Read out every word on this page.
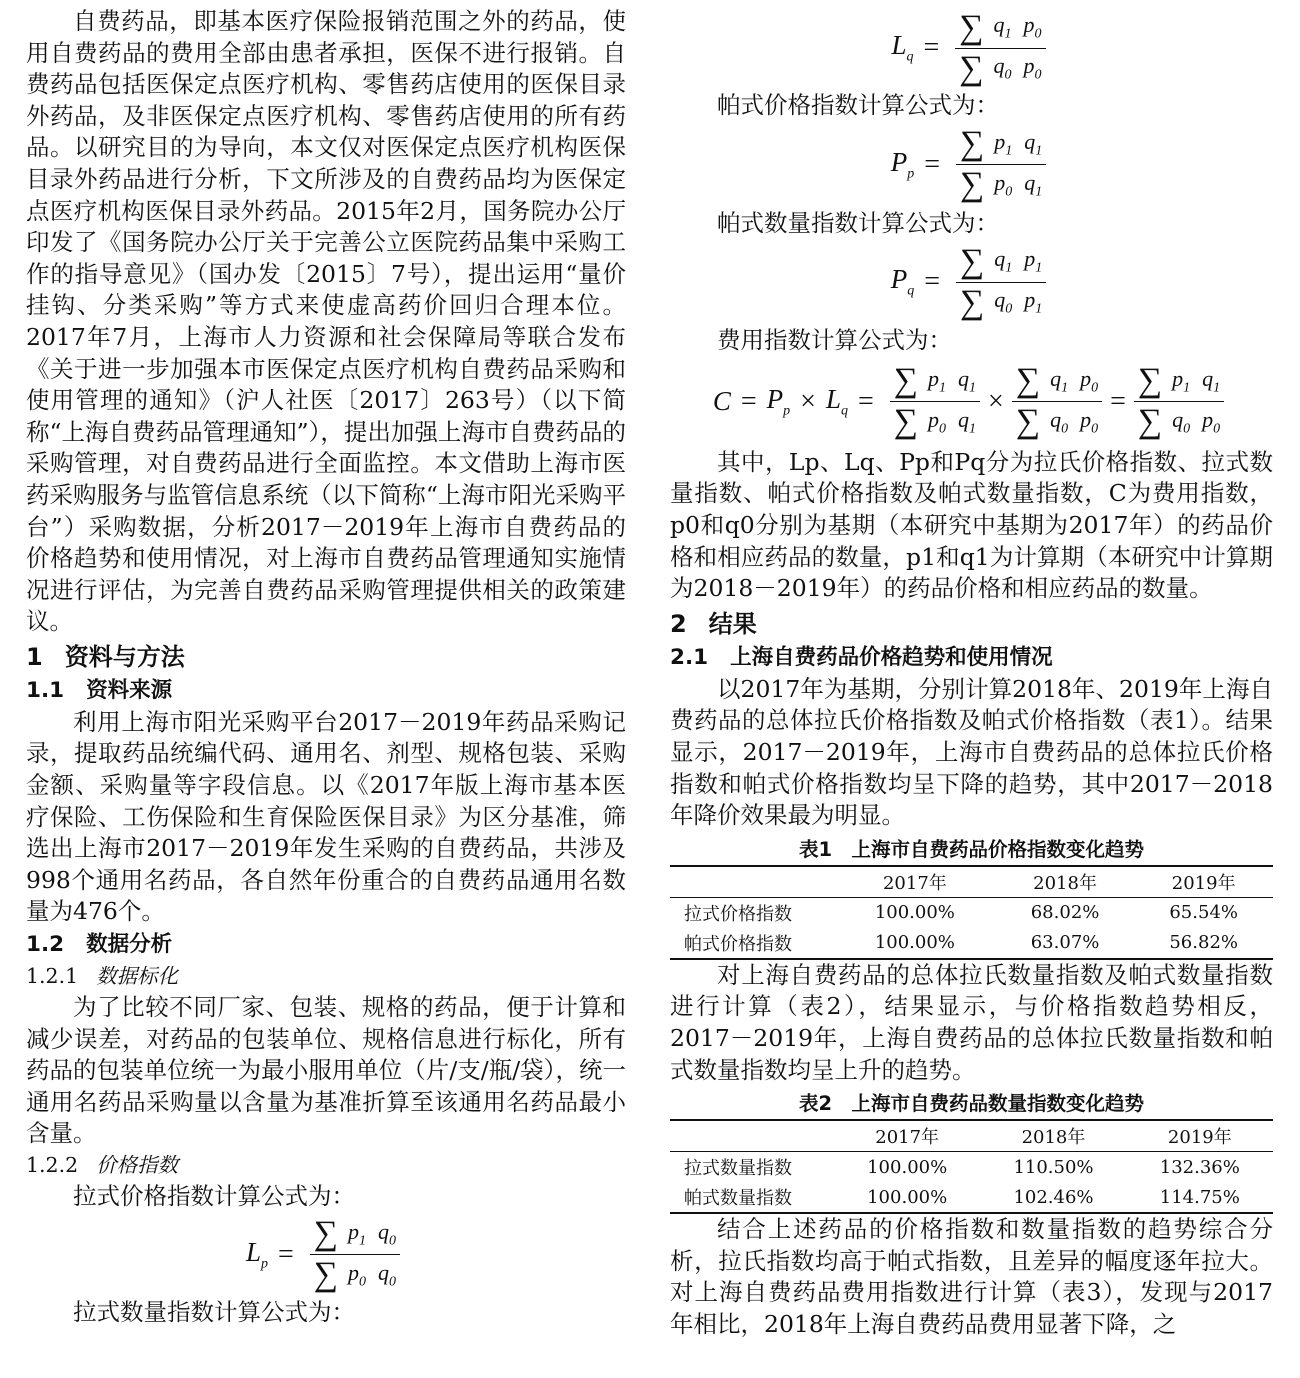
自费药品，即基本医疗保险报销范围之外的药品，使用自费药品的费用全部由患者承担，医保不进行报销。自费药品包括医保定点医疗机构、零售药店使用的医保目录外药品，及非医保定点医疗机构、零售药店使用的所有药品。以研究目的为导向，本文仅对医保定点医疗机构医保目录外药品进行分析，下文所涉及的自费药品均为医保定点医疗机构医保目录外药品。2015年2月，国务院办公厅印发了《国务院办公厅关于完善公立医院药品集中采购工作的指导意见》（国办发〔2015〕7号），提出运用“量价挂钩、分类采购”等方式来使虚高药价回归合理本位。2017年7月，上海市人力资源和社会保障局等联合发布《关于进一步加强本市医保定点医疗机构自费药品采购和使用管理的通知》（沪人社医〔2017〕263号）（以下简称“上海自费药品管理通知”），提出加强上海市自费药品的采购管理，对自费药品进行全面监控。本文借助上海市医药采购服务与监管信息系统（以下简称“上海市阳光采购平台”）采购数据，分析2017－2019年上海市自费药品的价格趋势和使用情况，对上海市自费药品管理通知实施情况进行评估，为完善自费药品采购管理提供相关的政策建议。

1 资料与方法
1.1 资料来源

利用上海市阳光采购平台2017－2019年药品采购记录，提取药品统编代码、通用名、剂型、规格包装、采购金额、采购量等字段信息。以《2017年版上海市基本医疗保险、工伤保险和生育保险医保目录》为区分基准，筛选出上海市2017－2019年发生采购的自费药品，共涉及998个通用名药品，各自然年份重合的自费药品通用名数量为476个。

1.2 数据分析
1.2.1 数据标化

为了比较不同厂家、包装、规格的药品，便于计算和减少误差，对药品的包装单位、规格信息进行标化，所有药品的包装单位统一为最小服用单位（片/支/瓶/袋），统一通用名药品采购量以含量为基准折算至该通用名药品最小含量。

1.2.2 价格指数

拉式价格指数计算公式为：

$L_p = \frac{\sum p_1 q_0}{\sum p_0 q_0}$

拉式数量指数计算公式为：

$L_q = \frac{\sum q_1 p_0}{\sum q_0 p_0}$

帕式价格指数计算公式为：

$P_p = \frac{\sum p_1 q_1}{\sum p_0 q_1}$

帕式数量指数计算公式为：

$P_q = \frac{\sum q_1 p_1}{\sum q_0 p_1}$

费用指数计算公式为：

$C = P_p \times L_q = \frac{\sum p_1 q_1}{\sum p_0 q_1} \times \frac{\sum q_1 p_0}{\sum q_0 p_0} = \frac{\sum p_1 q_1}{\sum q_0 p_0}$

其中，Lp、Lq、Pp和Pq分为拉氏价格指数、拉式数量指数、帕式价格指数及帕式数量指数，C为费用指数，p0和q0分别为基期（本研究中基期为2017年）的药品价格和相应药品的数量，p1和q1为计算期（本研究中计算期为2018－2019年）的药品价格和相应药品的数量。

2 结果
2.1 上海自费药品价格趋势和使用情况

以2017年为基期，分别计算2018年、2019年上海自费药品的总体拉氏价格指数及帕式价格指数（表1）。结果显示，2017－2019年，上海市自费药品的总体拉氏价格指数和帕式价格指数均呈下降的趋势，其中2017－2018年降价效果最为明显。

表1　上海市自费药品价格指数变化趋势
	2017年	2018年	2019年
拉式价格指数	100.00%	68.02%	65.54%
帕式价格指数	100.00%	63.07%	56.82%

对上海自费药品的总体拉氏数量指数及帕式数量指数进行计算（表2），结果显示，与价格指数趋势相反，2017－2019年，上海自费药品的总体拉氏数量指数和帕式数量指数均呈上升的趋势。

表2　上海市自费药品数量指数变化趋势
	2017年	2018年	2019年
拉式数量指数	100.00%	110.50%	132.36%
帕式数量指数	100.00%	102.46%	114.75%

结合上述药品的价格指数和数量指数的趋势综合分析，拉氏指数均高于帕式指数，且差异的幅度逐年拉大。对上海自费药品费用指数进行计算（表3），发现与2017年相比，2018年上海自费药品费用显著下降，之
